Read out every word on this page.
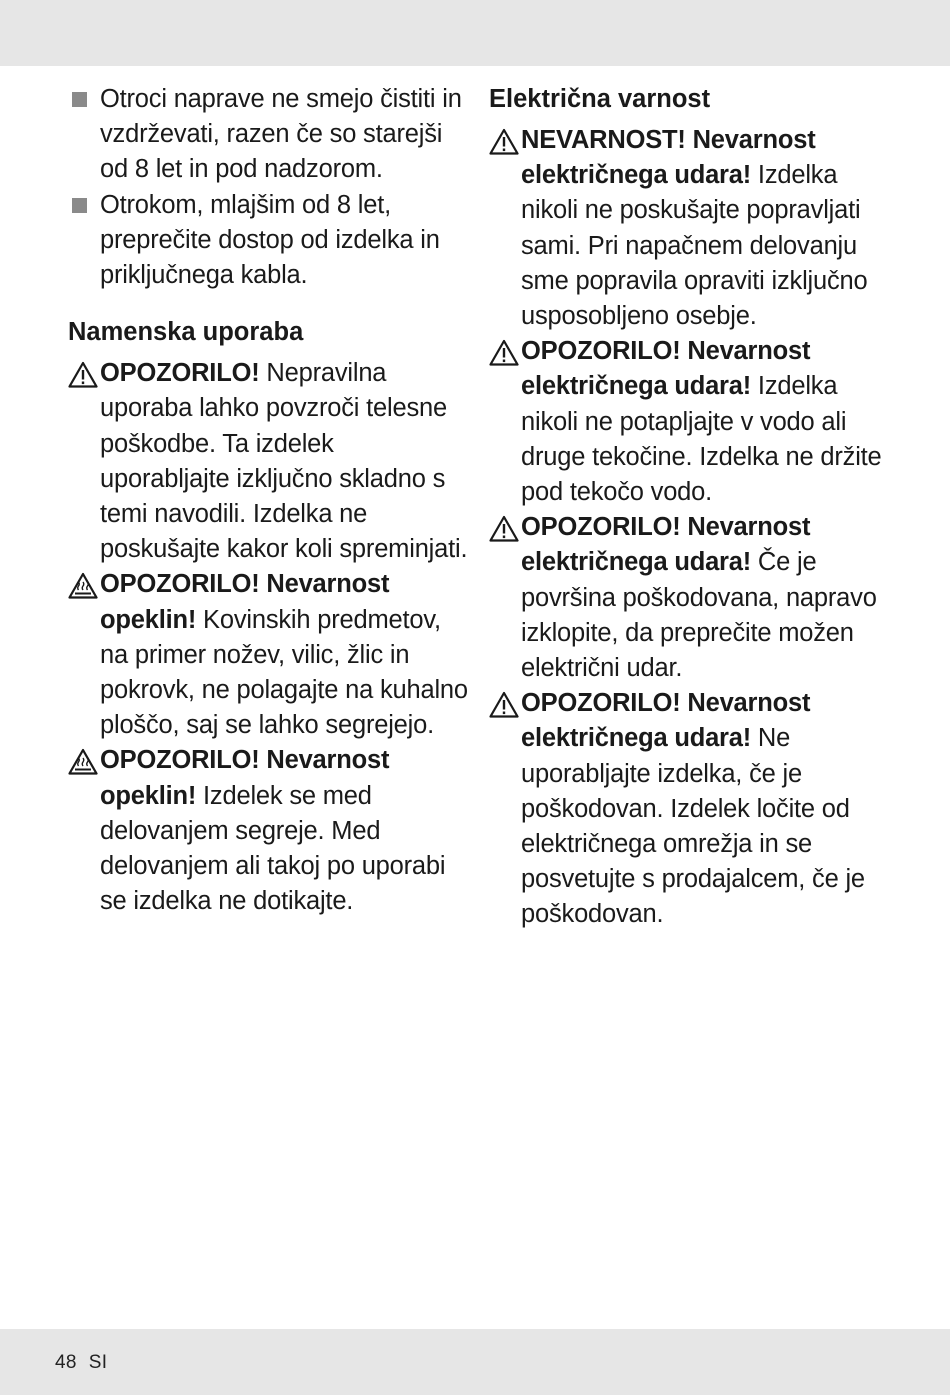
Otroci naprave ne smejo čistiti in vzdrževati, razen če so starejši od 8 let in pod nadzorom.
Otrokom, mlajšim od 8 let, preprečite dostop od izdelka in priključnega kabla.
Namenska uporaba
OPOZORILO! Nepravilna uporaba lahko povzroči telesne poškodbe. Ta izdelek uporabljajte izključno skladno s temi navodili. Izdelka ne poskušajte kakor koli spreminjati.
OPOZORILO! Nevarnost opeklin! Kovinskih predmetov, na primer nožev, vilic, žlic in pokrovk, ne polagajte na kuhalno ploščo, saj se lahko segrejejo.
OPOZORILO! Nevarnost opeklin! Izdelek se med delovanjem segreje. Med delovanjem ali takoj po uporabi se izdelka ne dotikajte.
Električna varnost
NEVARNOST! Nevarnost električnega udara! Izdelka nikoli ne poskušajte popravljati sami. Pri napačnem delovanju sme popravila opraviti izključno usposobljeno osebje.
OPOZORILO! Nevarnost električnega udara! Izdelka nikoli ne potapljajte v vodo ali druge tekočine. Izdelka ne držite pod tekočo vodo.
OPOZORILO! Nevarnost električnega udara! Če je površina poškodovana, napravo izklopite, da preprečite možen električni udar.
OPOZORILO! Nevarnost električnega udara! Ne uporabljajte izdelka, če je poškodovan. Izdelek ločite od električnega omrežja in se posvetujte s prodajalcem, če je poškodovan.
48 SI
